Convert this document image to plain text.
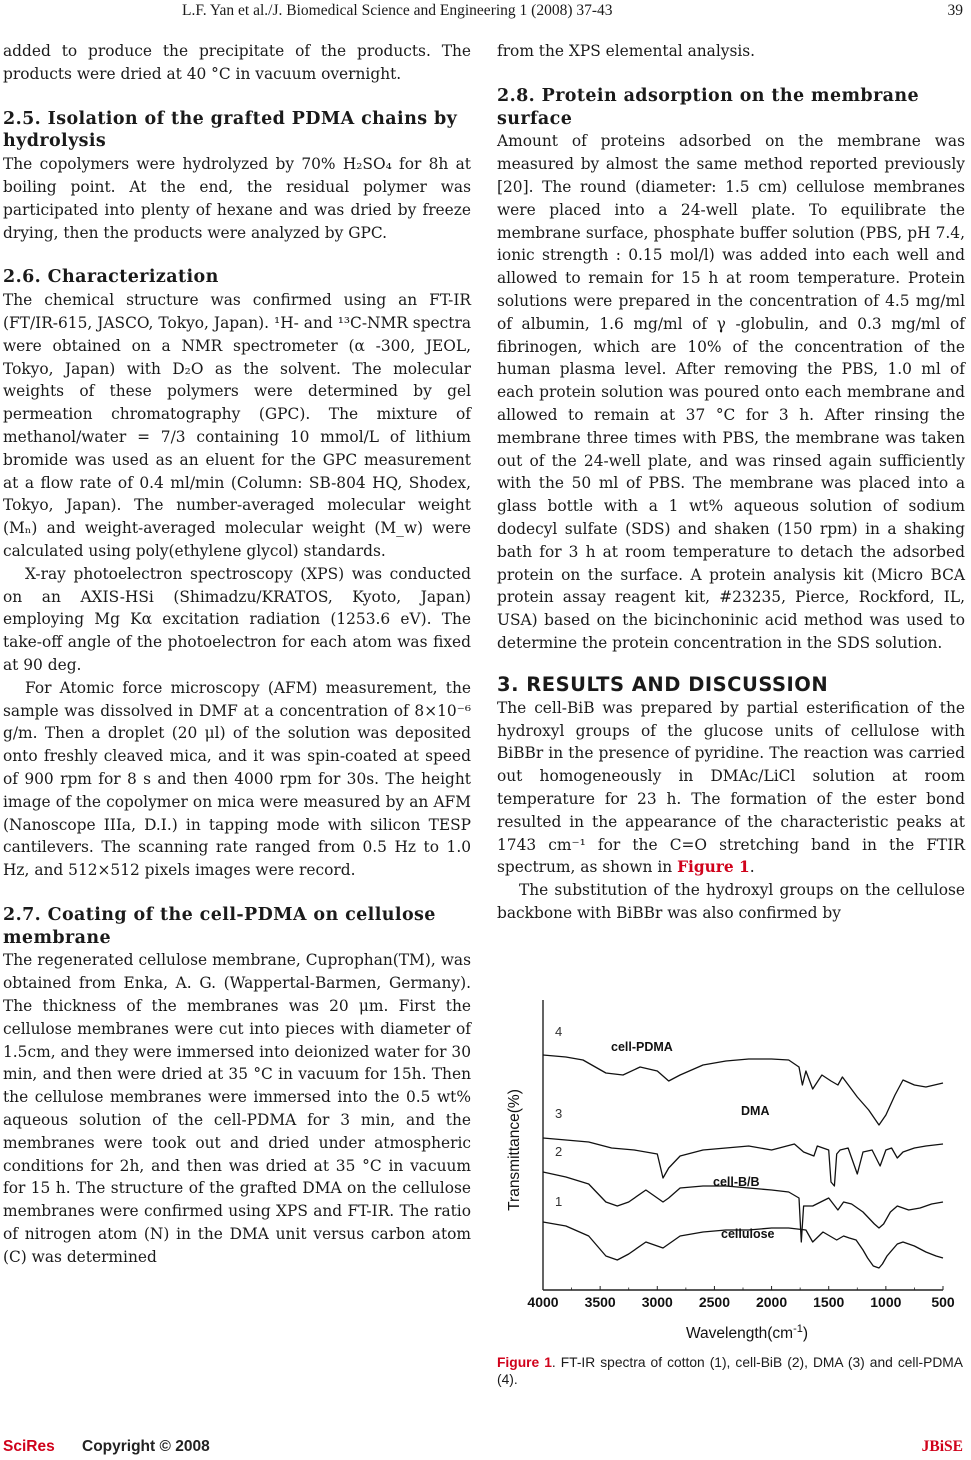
L.F. Yan et al./J. Biomedical Science and Engineering 1 (2008) 37-43	39

added to produce the precipitate of the products. The products were dried at 40 °C in vacuum overnight.

2.5. Isolation of the grafted PDMA chains by hydrolysis

The copolymers were hydrolyzed by 70% H₂SO₄ for 8h at boiling point. At the end, the residual polymer was participated into plenty of hexane and was dried by freeze drying, then the products were analyzed by GPC.

2.6. Characterization

The chemical structure was confirmed using an FT-IR (FT/IR-615, JASCO, Tokyo, Japan). ¹H- and ¹³C-NMR spectra were obtained on a NMR spectrometer (α -300, JEOL, Tokyo, Japan) with D₂O as the solvent. The molecular weights of these polymers were determined by gel permeation chromatography (GPC). The mixture of methanol/water = 7/3 containing 10 mmol/L of lithium bromide was used as an eluent for the GPC measurement at a flow rate of 0.4 ml/min (Column: SB-804 HQ, Shodex, Tokyo, Japan). The number-averaged molecular weight (Mₙ) and weight-averaged molecular weight (M_w) were calculated using poly(ethylene glycol) standards.

X-ray photoelectron spectroscopy (XPS) was conducted on an AXIS-HSi (Shimadzu/KRATOS, Kyoto, Japan) employing Mg Kα excitation radiation (1253.6 eV). The take-off angle of the photoelectron for each atom was fixed at 90 deg.

For Atomic force microscopy (AFM) measurement, the sample was dissolved in DMF at a concentration of 8×10⁻⁶ g/m. Then a droplet (20 μl) of the solution was deposited onto freshly cleaved mica, and it was spin-coated at speed of 900 rpm for 8 s and then 4000 rpm for 30s. The height image of the copolymer on mica were measured by an AFM (Nanoscope IIIa, D.I.) in tapping mode with silicon TESP cantilevers. The scanning rate ranged from 0.5 Hz to 1.0 Hz, and 512×512 pixels images were record.

2.7. Coating of the cell-PDMA on cellulose membrane

The regenerated cellulose membrane, Cuprophan(TM), was obtained from Enka, A. G. (Wappertal-Barmen, Germany). The thickness of the membranes was 20 μm. First the cellulose membranes were cut into pieces with diameter of 1.5cm, and they were immersed into deionized water for 30 min, and then were dried at 35 °C in vacuum for 15h. Then the cellulose membranes were immersed into the 0.5 wt% aqueous solution of the cell-PDMA for 3 min, and the membranes were took out and dried under atmospheric conditions for 2h, and then was dried at 35 °C in vacuum for 15 h. The structure of the grafted DMA on the cellulose membranes were confirmed using XPS and FT-IR. The ratio of nitrogen atom (N) in the DMA unit versus carbon atom (C) was determined

from the XPS elemental analysis.

2.8. Protein adsorption on the membrane surface

Amount of proteins adsorbed on the membrane was measured by almost the same method reported previously [20]. The round (diameter: 1.5 cm) cellulose membranes were placed into a 24-well plate. To equilibrate the membrane surface, phosphate buffer solution (PBS, pH 7.4, ionic strength : 0.15 mol/l) was added into each well and allowed to remain for 15 h at room temperature. Protein solutions were prepared in the concentration of 4.5 mg/ml of albumin, 1.6 mg/ml of γ -globulin, and 0.3 mg/ml of fibrinogen, which are 10% of the concentration of the human plasma level. After removing the PBS, 1.0 ml of each protein solution was poured onto each membrane and allowed to remain at 37 °C for 3 h. After rinsing the membrane three times with PBS, the membrane was taken out of the 24-well plate, and was rinsed again sufficiently with the 50 ml of PBS. The membrane was placed into a glass bottle with a 1 wt% aqueous solution of sodium dodecyl sulfate (SDS) and shaken (150 rpm) in a shaking bath for 3 h at room temperature to detach the adsorbed protein on the surface. A protein analysis kit (Micro BCA protein assay reagent kit, #23235, Pierce, Rockford, IL, USA) based on the bicinchoninic acid method was used to determine the protein concentration in the SDS solution.

3. RESULTS AND DISCUSSION

The cell-BiB was prepared by partial esterification of the hydroxyl groups of the glucose units of cellulose with BiBBr in the presence of pyridine. The reaction was carried out homogeneously in DMAc/LiCl solution at room temperature for 23 h. The formation of the ester bond resulted in the appearance of the characteristic peaks at 1743 cm⁻¹ for the C=O stretching band in the FTIR spectrum, as shown in Figure 1.

The substitution of the hydroxyl groups on the cellulose backbone with BiBBr was also confirmed by

4000 3500 3000 2500 2000 1500 1000 500
Transmittance(%)
$Wavelength(cm^{-1})$
4
cell-PDMA
3	DMA
2
cell-B/B
1
cellulose
Figure 1. FT-IR spectra of cotton (1), cell-BiB (2), DMA (3) and cell-PDMA (4).
SciRes Copyright © 2008	JBiSE
